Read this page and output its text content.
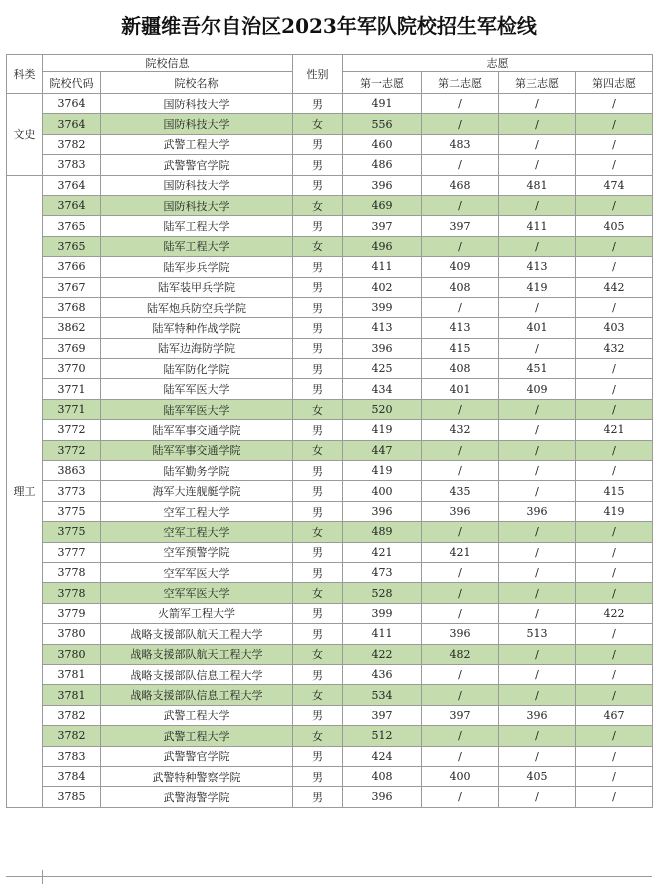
新疆维吾尔自治区2023年军队院校招生军检线
科类	院校信息		性别	志愿			
	院校代码	院校名称		第一志愿	第二志愿	第三志愿	第四志愿
文史	3764	国防科技大学	男	491	/	/	/
	3764	国防科技大学	女	556	/	/	/
	3782	武警工程大学	男	460	483	/	/
	3783	武警警官学院	男	486	/	/	/
理工	3764	国防科技大学	男	396	468	481	474
	3764	国防科技大学	女	469	/	/	/
	3765	陆军工程大学	男	397	397	411	405
	3765	陆军工程大学	女	496	/	/	/
	3766	陆军步兵学院	男	411	409	413	/
	3767	陆军装甲兵学院	男	402	408	419	442
	3768	陆军炮兵防空兵学院	男	399	/	/	/
	3862	陆军特种作战学院	男	413	413	401	403
	3769	陆军边海防学院	男	396	415	/	432
	3770	陆军防化学院	男	425	408	451	/
	3771	陆军军医大学	男	434	401	409	/
	3771	陆军军医大学	女	520	/	/	/
	3772	陆军军事交通学院	男	419	432	/	421
	3772	陆军军事交通学院	女	447	/	/	/
	3863	陆军勤务学院	男	419	/	/	/
	3773	海军大连舰艇学院	男	400	435	/	415
	3775	空军工程大学	男	396	396	396	419
	3775	空军工程大学	女	489	/	/	/
	3777	空军预警学院	男	421	421	/	/
	3778	空军军医大学	男	473	/	/	/
	3778	空军军医大学	女	528	/	/	/
	3779	火箭军工程大学	男	399	/	/	422
	3780	战略支援部队航天工程大学	男	411	396	513	/
	3780	战略支援部队航天工程大学	女	422	482	/	/
	3781	战略支援部队信息工程大学	男	436	/	/	/
	3781	战略支援部队信息工程大学	女	534	/	/	/
	3782	武警工程大学	男	397	397	396	467
	3782	武警工程大学	女	512	/	/	/
	3783	武警警官学院	男	424	/	/	/
	3784	武警特种警察学院	男	408	400	405	/
	3785	武警海警学院	男	396	/	/	/
